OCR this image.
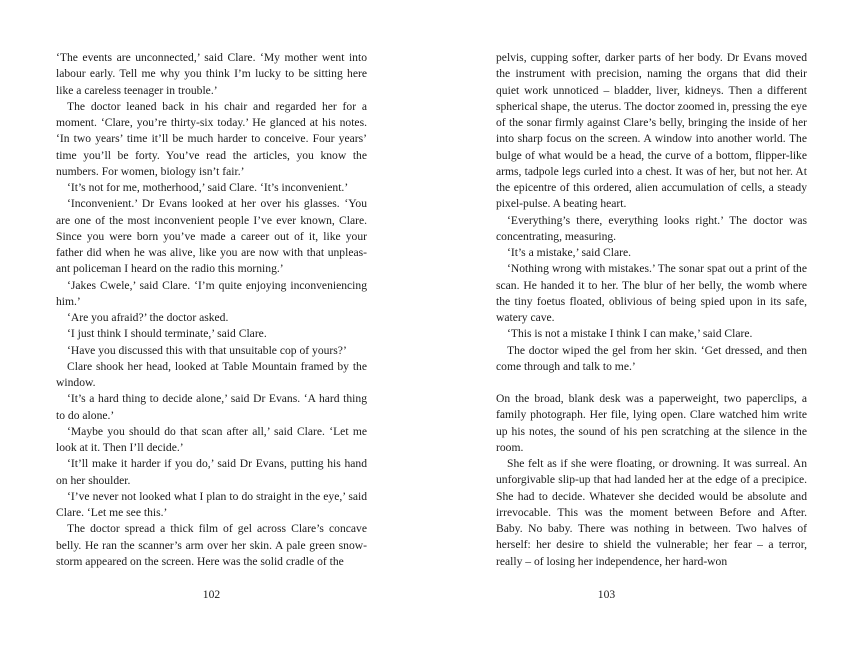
‘The events are unconnected,’ said Clare. ‘My mother went into labour early. Tell me why you think I’m lucky to be sitting here like a careless teenager in trouble.’

The doctor leaned back in his chair and regarded her for a moment. ‘Clare, you’re thirty-six today.’ He glanced at his notes. ‘In two years’ time it’ll be much harder to conceive. Four years’ time you’ll be forty. You’ve read the articles, you know the numbers. For women, biology isn’t fair.’

‘It’s not for me, motherhood,’ said Clare. ‘It’s inconvenient.’

‘Inconvenient.’ Dr Evans looked at her over his glasses. ‘You are one of the most inconvenient people I’ve ever known, Clare. Since you were born you’ve made a career out of it, like your father did when he was alive, like you are now with that unpleasant policeman I heard on the radio this morning.’

‘Jakes Cwele,’ said Clare. ‘I’m quite enjoying inconveniencing him.’

‘Are you afraid?’ the doctor asked.

‘I just think I should terminate,’ said Clare.

‘Have you discussed this with that unsuitable cop of yours?’

Clare shook her head, looked at Table Mountain framed by the window.

‘It’s a hard thing to decide alone,’ said Dr Evans. ‘A hard thing to do alone.’

‘Maybe you should do that scan after all,’ said Clare. ‘Let me look at it. Then I’ll decide.’

‘It’ll make it harder if you do,’ said Dr Evans, putting his hand on her shoulder.

‘I’ve never not looked what I plan to do straight in the eye,’ said Clare. ‘Let me see this.’

The doctor spread a thick film of gel across Clare’s concave belly. He ran the scanner’s arm over her skin. A pale green snowstorm appeared on the screen. Here was the solid cradle of the

102

pelvis, cupping softer, darker parts of her body. Dr Evans moved the instrument with precision, naming the organs that did their quiet work unnoticed – bladder, liver, kidneys. Then a different spherical shape, the uterus. The doctor zoomed in, pressing the eye of the sonar firmly against Clare’s belly, bringing the inside of her into sharp focus on the screen. A window into another world. The bulge of what would be a head, the curve of a bottom, flipper-like arms, tadpole legs curled into a chest. It was of her, but not her. At the epicentre of this ordered, alien accumulation of cells, a steady pixel-pulse. A beating heart.

‘Everything’s there, everything looks right.’ The doctor was concentrating, measuring.

‘It’s a mistake,’ said Clare.

‘Nothing wrong with mistakes.’ The sonar spat out a print of the scan. He handed it to her. The blur of her belly, the womb where the tiny foetus floated, oblivious of being spied upon in its safe, watery cave.

‘This is not a mistake I think I can make,’ said Clare.

The doctor wiped the gel from her skin. ‘Get dressed, and then come through and talk to me.’

On the broad, blank desk was a paperweight, two paperclips, a family photograph. Her file, lying open. Clare watched him write up his notes, the sound of his pen scratching at the silence in the room.

She felt as if she were floating, or drowning. It was surreal. An unforgivable slip-up that had landed her at the edge of a precipice. She had to decide. Whatever she decided would be absolute and irrevocable. This was the moment between Before and After. Baby. No baby. There was nothing in between. Two halves of herself: her desire to shield the vulnerable; her fear – a terror, really – of losing her independence, her hard-won

103
